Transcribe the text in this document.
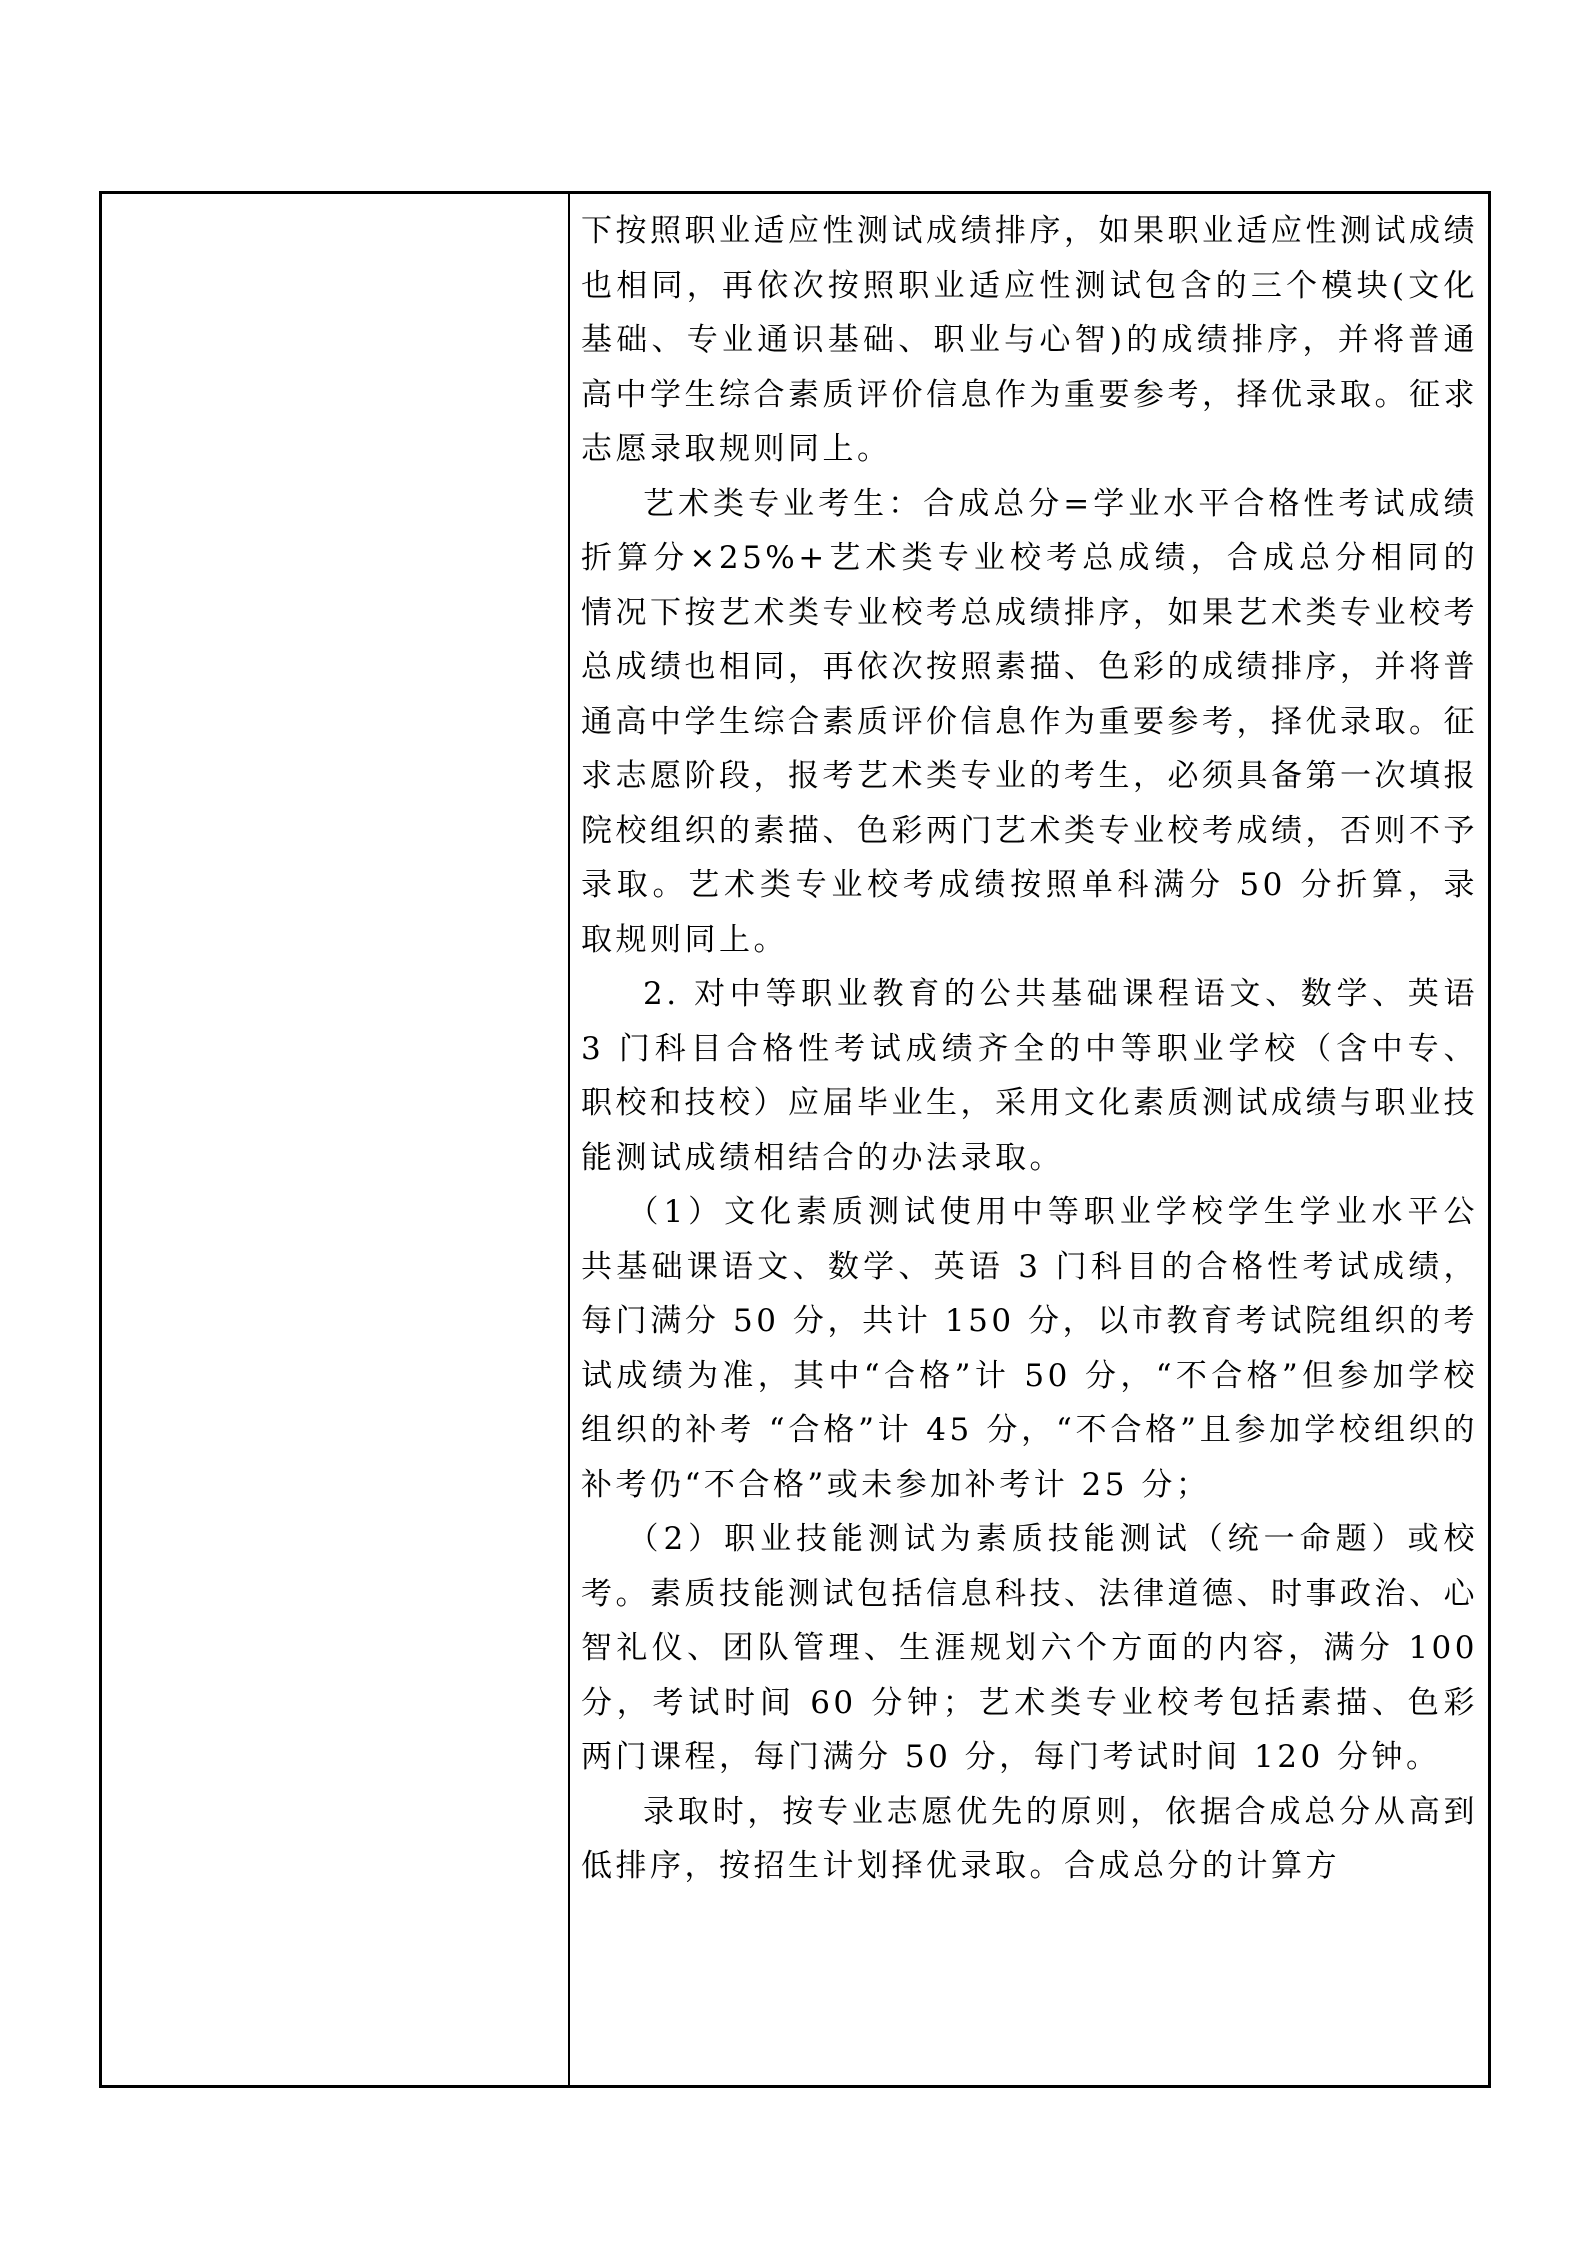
下按照职业适应性测试成绩排序，如果职业适应性测试成绩也相同，再依次按照职业适应性测试包含的三个模块(文化基础、专业通识基础、职业与心智)的成绩排序，并将普通高中学生综合素质评价信息作为重要参考，择优录取。征求志愿录取规则同上。

艺术类专业考生：合成总分=学业水平合格性考试成绩折算分×25%+艺术类专业校考总成绩，合成总分相同的情况下按艺术类专业校考总成绩排序，如果艺术类专业校考总成绩也相同，再依次按照素描、色彩的成绩排序，并将普通高中学生综合素质评价信息作为重要参考，择优录取。征求志愿阶段，报考艺术类专业的考生，必须具备第一次填报院校组织的素描、色彩两门艺术类专业校考成绩，否则不予录取。艺术类专业校考成绩按照单科满分 50 分折算，录取规则同上。

2. 对中等职业教育的公共基础课程语文、数学、英语 3 门科目合格性考试成绩齐全的中等职业学校（含中专、职校和技校）应届毕业生，采用文化素质测试成绩与职业技能测试成绩相结合的办法录取。

（1）文化素质测试使用中等职业学校学生学业水平公共基础课语文、数学、英语 3 门科目的合格性考试成绩，每门满分 50 分，共计 150 分，以市教育考试院组织的考试成绩为准，其中“合格”计 50 分，“不合格”但参加学校组织的补考 “合格”计 45 分，“不合格”且参加学校组织的补考仍“不合格”或未参加补考计 25 分；

（2）职业技能测试为素质技能测试（统一命题）或校考。素质技能测试包括信息科技、法律道德、时事政治、心智礼仪、团队管理、生涯规划六个方面的内容，满分 100 分，考试时间 60 分钟；艺术类专业校考包括素描、色彩两门课程，每门满分 50 分，每门考试时间 120 分钟。

录取时，按专业志愿优先的原则，依据合成总分从高到低排序，按招生计划择优录取。合成总分的计算方
